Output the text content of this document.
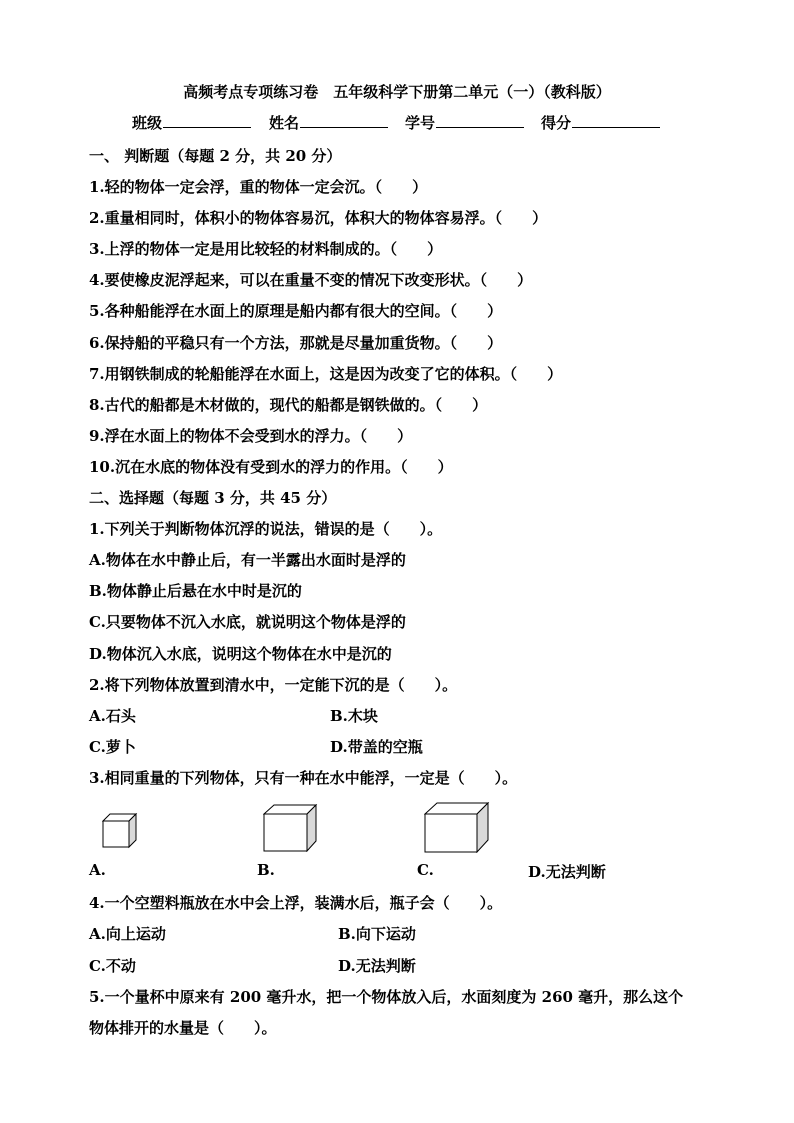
高频考点专项练习卷　五年级科学下册第二单元（一）（教科版）
班级	姓名	学号	得分
一、 判断题（每题 2 分，共 20 分）
1.轻的物体一定会浮，重的物体一定会沉。（　　）
2.重量相同时，体积小的物体容易沉，体积大的物体容易浮。（　　）
3.上浮的物体一定是用比较轻的材料制成的。（　　）
4.要使橡皮泥浮起来，可以在重量不变的情况下改变形状。（　　）
5.各种船能浮在水面上的原理是船内都有很大的空间。（　　）
6.保持船的平稳只有一个方法，那就是尽量加重货物。（　　）
7.用钢铁制成的轮船能浮在水面上，这是因为改变了它的体积。（　　）
8.古代的船都是木材做的，现代的船都是钢铁做的。（　　）
9.浮在水面上的物体不会受到水的浮力。（　　）
10.沉在水底的物体没有受到水的浮力的作用。（　　）
二、选择题（每题 3 分，共 45 分）
1.下列关于判断物体沉浮的说法，错误的是（　　）。
A.物体在水中静止后，有一半露出水面时是浮的
B.物体静止后悬在水中时是沉的
C.只要物体不沉入水底，就说明这个物体是浮的
D.物体沉入水底，说明这个物体在水中是沉的
2.将下列物体放置到清水中，一定能下沉的是（　　）。
A.石头	B.木块
C.萝卜	D.带盖的空瓶
3.相同重量的下列物体，只有一种在水中能浮，一定是（　　）。
A.	B.	C.	D.无法判断
4.一个空塑料瓶放在水中会上浮，装满水后，瓶子会（　　）。
A.向上运动	B.向下运动
C.不动	D.无法判断
5.一个量杯中原来有 200 毫升水，把一个物体放入后，水面刻度为 260 毫升，那么这个
物体排开的水量是（　　）。
